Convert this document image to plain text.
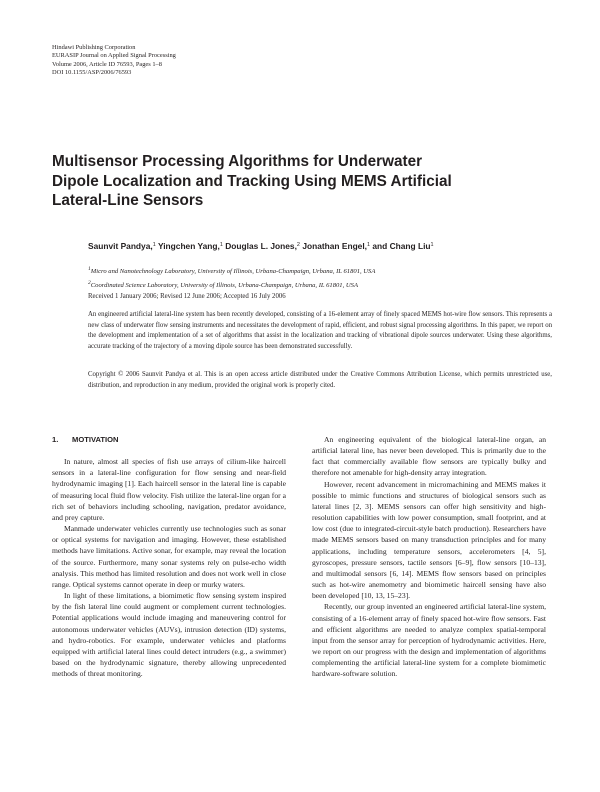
Hindawi Publishing Corporation
EURASIP Journal on Applied Signal Processing
Volume 2006, Article ID 76593, Pages 1–8
DOI 10.1155/ASP/2006/76593
Multisensor Processing Algorithms for Underwater
Dipole Localization and Tracking Using MEMS Artificial
Lateral-Line Sensors
Saunvit Pandya,$^1$ Yingchen Yang,$^1$ Douglas L. Jones,$^2$ Jonathan Engel,$^1$ and Chang Liu$^1$
$^1$Micro and Nanotechnology Laboratory, University of Illinois, Urbana-Champaign, Urbana, IL 61801, USA
$^2$Coordinated Science Laboratory, University of Illinois, Urbana-Champaign, Urbana, IL 61801, USA
Received 1 January 2006; Revised 12 June 2006; Accepted 16 July 2006

An engineered artificial lateral-line system has been recently developed, consisting of a 16-element array of finely spaced MEMS hot-wire flow sensors. This represents a new class of underwater flow sensing instruments and necessitates the development of rapid, efficient, and robust signal processing algorithms. In this paper, we report on the development and implementation of a set of algorithms that assist in the localization and tracking of vibrational dipole sources underwater. Using these algorithms, accurate tracking of the trajectory of a moving dipole source has been demonstrated successfully.

Copyright © 2006 Saunvit Pandya et al. This is an open access article distributed under the Creative Commons Attribution License, which permits unrestricted use, distribution, and reproduction in any medium, provided the original work is properly cited.

1. MOTIVATION

In nature, almost all species of fish use arrays of cilium-like haircell sensors in a lateral-line configuration for flow sensing and near-field hydrodynamic imaging [1]. Each haircell sensor in the lateral line is capable of measuring local fluid flow velocity. Fish utilize the lateral-line organ for a rich set of behaviors including schooling, navigation, predator avoidance, and prey capture.

Manmade underwater vehicles currently use technologies such as sonar or optical systems for navigation and imaging. However, these established methods have limitations. Active sonar, for example, may reveal the location of the source. Furthermore, many sonar systems rely on pulse-echo width analysis. This method has limited resolution and does not work well in close range. Optical systems cannot operate in deep or murky waters.

In light of these limitations, a biomimetic flow sensing system inspired by the fish lateral line could augment or complement current technologies. Potential applications would include imaging and maneuvering control for autonomous underwater vehicles (AUVs), intrusion detection (ID) systems, and hydro-robotics. For example, underwater vehicles and platforms equipped with artificial lateral lines could detect intruders (e.g., a swimmer) based on the hydrodynamic signature, thereby allowing unprecedented methods of threat monitoring.

An engineering equivalent of the biological lateral-line organ, an artificial lateral line, has never been developed. This is primarily due to the fact that commercially available flow sensors are typically bulky and therefore not amenable for high-density array integration.

However, recent advancement in micromachining and MEMS makes it possible to mimic functions and structures of biological sensors such as lateral lines [2, 3]. MEMS sensors can offer high sensitivity and high-resolution capabilities with low power consumption, small footprint, and at low cost (due to integrated-circuit-style batch production). Researchers have made MEMS sensors based on many transduction principles and for many applications, including temperature sensors, accelerometers [4, 5], gyroscopes, pressure sensors, tactile sensors [6–9], flow sensors [10–13], and multimodal sensors [6, 14]. MEMS flow sensors based on principles such as hot-wire anemometry and biomimetic haircell sensing have also been developed [10, 13, 15–23].

Recently, our group invented an engineered artificial lateral-line system, consisting of a 16-element array of finely spaced hot-wire flow sensors. Fast and efficient algorithms are needed to analyze complex spatial-temporal input from the sensor array for perception of hydrodynamic activities. Here, we report on our progress with the design and implementation of algorithms complementing the artificial lateral-line system for a complete biomimetic hardware-software solution.
